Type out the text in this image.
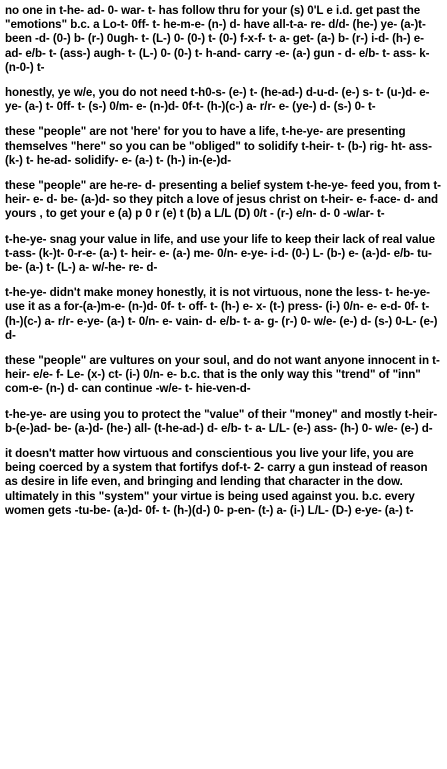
no one in t-he- ad- 0- war- t- has follow thru for your (s) 0'L e i.d. get past the "emotions" b.c. a Lo-t- 0ff- t- he-m-e- (n-) d- have all-t-a- re- d/d- (he-) ye- (a-)t- been -d- (0-) b- (r-) 0ugh- t- (L-) 0- (0-) t- (0-) f-x-f- t- a- get- (a-) b- (r-) i-d- (h-) e- ad- e/b- t- (ass-) augh- t- (L-) 0- (0-) t- h-and- carry -e- (a-) gun - d- e/b- t- ass- k- (n-0-) t-

honestly, ye w/e, you do not need t-h0-s- (e-) t- (he-ad-) d-u-d- (e-) s- t- (u-)d- e-ye- (a-) t- 0ff- t- (s-) 0/m- e- (n-)d- 0f-t- (h-)(c-) a- r/r- e- (ye-) d- (s-) 0- t-

these "people" are not 'here' for you to have a life, t-he-ye- are presenting themselves "here" so you can be "obliged" to solidify t-heir- t- (b-) rig- ht- ass- (k-) t- he-ad- solidify- e- (a-) t- (h-) in-(e-)d-

these "people" are he-re- d- presenting a belief system t-he-ye- feed you, from t-heir- e- d- be- (a-)d- so they pitch a love of jesus christ on t-heir- e- f-ace- d- and yours , to get your e (a) p 0 r (e) t (b) a L/L (D) 0/t - (r-) e/n- d- 0 -w/ar- t-

t-he-ye- snag your value in life, and use your life to keep their lack of real value t-ass- (k-)t- 0-r-e- (a-) t- heir- e- (a-) me- 0/n- e-ye- i-d- (0-) L- (b-) e- (a-)d- e/b- tu- be- (a-) t- (L-) a- w/-he- re- d-

t-he-ye- didn't make money honestly, it is not virtuous, none the less- t- he-ye- use it as a for-(a-)m-e- (n-)d- 0f- t- off- t- (h-) e- x- (t-) press- (i-) 0/n- e- e-d- 0f- t- (h-)(c-) a- r/r- e-ye- (a-) t- 0/n- e- vain- d- e/b- t- a- g- (r-) 0- w/e- (e-) d- (s-) 0-L- (e-) d-

these "people" are vultures on your soul, and do not want anyone innocent in t-heir- e/e- f- Le- (x-) ct- (i-) 0/n- e- b.c. that is the only way this "trend" of "inn" com-e- (n-) d- can continue -w/e- t- hie-ven-d-

t-he-ye- are using you to protect the "value" of their "money" and mostly t-heir- b-(e-)ad- be- (a-)d- (he-) all- (t-he-ad-) d- e/b- t- a- L/L- (e-) ass- (h-) 0- w/e- (e-) d-

it doesn't matter how virtuous and conscientious you live your life, you are being coerced by a system that fortifys dof-t- 2- carry a gun instead of reason as desire in life even, and bringing and lending that character in the dow. ultimately in this "system" your virtue is being used against you. b.c. every women gets -tu-be- (a-)d- 0f- t- (h-)(d-) 0- p-en- (t-) a- (i-) L/L- (D-) e-ye- (a-) t-
